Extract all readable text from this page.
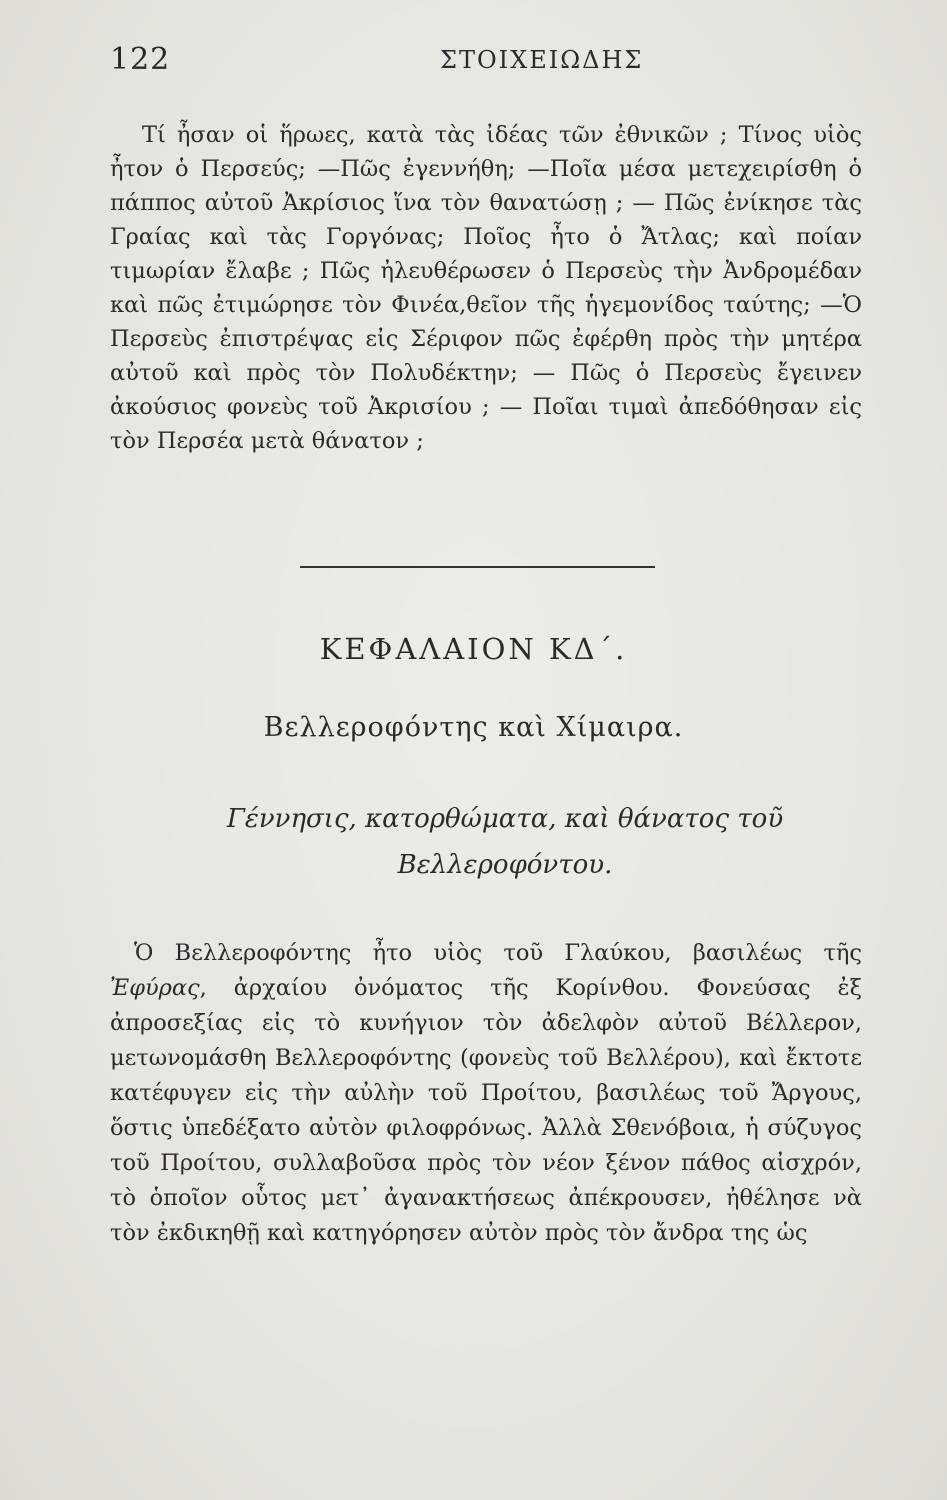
122	ΣΤΟΙΧΕΙΩΔΗΣ

Τί ἦσαν οἱ ἥρωες, κατὰ τὰς ἰδέας τῶν ἐθνικῶν ; Τίνος υἱὸς ἦτον ὁ Περσεύς; —Πῶς ἐγεννήθη; —Ποῖα μέσα μετεχειρίσθη ὁ πάππος αὐτοῦ Ἀκρίσιος ἵνα τὸν θανατώσῃ ; — Πῶς ἐνίκησε τὰς Γραίας καὶ τὰς Γοργόνας; Ποῖος ἦτο ὁ Ἄτλας; καὶ ποίαν τιμωρίαν ἔλαβε ; Πῶς ἠλευθέρωσεν ὁ Περσεὺς τὴν Ἀνδρομέδαν καὶ πῶς ἐτιμώρησε τὸν Φινέα,θεῖον τῆς ἡγεμονίδος ταύτης; —Ὁ Περσεὺς ἐπιστρέψας εἰς Σέριφον πῶς ἐφέρθη πρὸς τὴν μητέρα αὐτοῦ καὶ πρὸς τὸν Πολυδέκτην; — Πῶς ὁ Περσεὺς ἔγεινεν ἀκούσιος φονεὺς τοῦ Ἀκρισίου ; — Ποῖαι τιμαὶ ἀπεδόθησαν εἰς τὸν Περσέα μετὰ θάνατον ;

ΚΕΦΑΛΑΙΟΝ ΚΔ΄.
Βελλεροφόντης καὶ Χίμαιρα.

Γέννησις, κατορθώματα, καὶ θάνατος τοῦ Βελλεροφόντου.

Ὁ Βελλεροφόντης ἦτο υἱὸς τοῦ Γλαύκου, βασιλέως τῆς Ἐφύρας, ἀρχαίου ὀνόματος τῆς Κορίνθου. Φονεύσας ἐξ ἀπροσεξίας εἰς τὸ κυνήγιον τὸν ἀδελφὸν αὐτοῦ Βέλλερον, μετωνομάσθη Βελλεροφόντης (φονεὺς τοῦ Βελλέρου), καὶ ἔκτοτε κατέφυγεν εἰς τὴν αὐλὴν τοῦ Προίτου, βασιλέως τοῦ Ἄργους, ὅστις ὑπεδέξατο αὐτὸν φιλοφρόνως. Ἀλλὰ Σθενόβοια, ἡ σύζυγος τοῦ Προίτου, συλλαβοῦσα πρὸς τὸν νέον ξένον πάθος αἰσχρόν, τὸ ὁποῖον οὗτος μετ᾽ ἀγανακτήσεως ἀπέκρουσεν, ἠθέλησε νὰ τὸν ἐκδικηθῇ καὶ κατηγόρησεν αὐτὸν πρὸς τὸν ἄνδρα της ὡς
